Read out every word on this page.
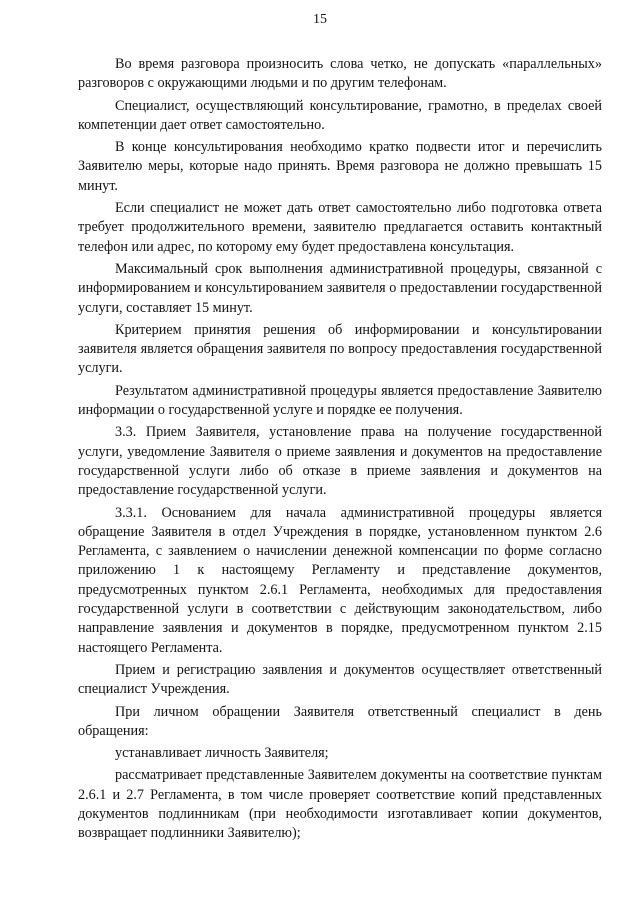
15

Во время разговора произносить слова четко, не допускать «параллельных» разговоров с окружающими людьми и по другим телефонам.

Специалист, осуществляющий консультирование, грамотно, в пределах своей компетенции дает ответ самостоятельно.

В конце консультирования необходимо кратко подвести итог и перечислить Заявителю меры, которые надо принять. Время разговора не должно превышать 15 минут.

Если специалист не может дать ответ самостоятельно либо подготовка ответа требует продолжительного времени, заявителю предлагается оставить контактный телефон или адрес, по которому ему будет предоставлена консультация.

Максимальный срок выполнения административной процедуры, связанной с информированием и консультированием заявителя о предоставлении государственной услуги, составляет 15 минут.

Критерием принятия решения об информировании и консультировании заявителя является обращения заявителя по вопросу предоставления государственной услуги.

Результатом административной процедуры является предоставление Заявителю информации о государственной услуге и порядке ее получения.

3.3. Прием Заявителя, установление права на получение государственной услуги, уведомление Заявителя о приеме заявления и документов на предоставление государственной услуги либо об отказе в приеме заявления и документов на предоставление государственной услуги.

3.3.1. Основанием для начала административной процедуры является обращение Заявителя в отдел Учреждения в порядке, установленном пунктом 2.6 Регламента, с заявлением о начислении денежной компенсации по форме согласно приложению 1 к настоящему Регламенту и представление документов, предусмотренных пунктом 2.6.1 Регламента, необходимых для предоставления государственной услуги в соответствии с действующим законодательством, либо направление заявления и документов в порядке, предусмотренном пунктом 2.15 настоящего Регламента.

Прием и регистрацию заявления и документов осуществляет ответственный специалист Учреждения.

При личном обращении Заявителя ответственный специалист в день обращения:

устанавливает личность Заявителя;

рассматривает представленные Заявителем документы на соответствие пунктам 2.6.1 и 2.7 Регламента, в том числе проверяет соответствие копий представленных документов подлинникам (при необходимости изготавливает копии документов, возвращает подлинники Заявителю);
